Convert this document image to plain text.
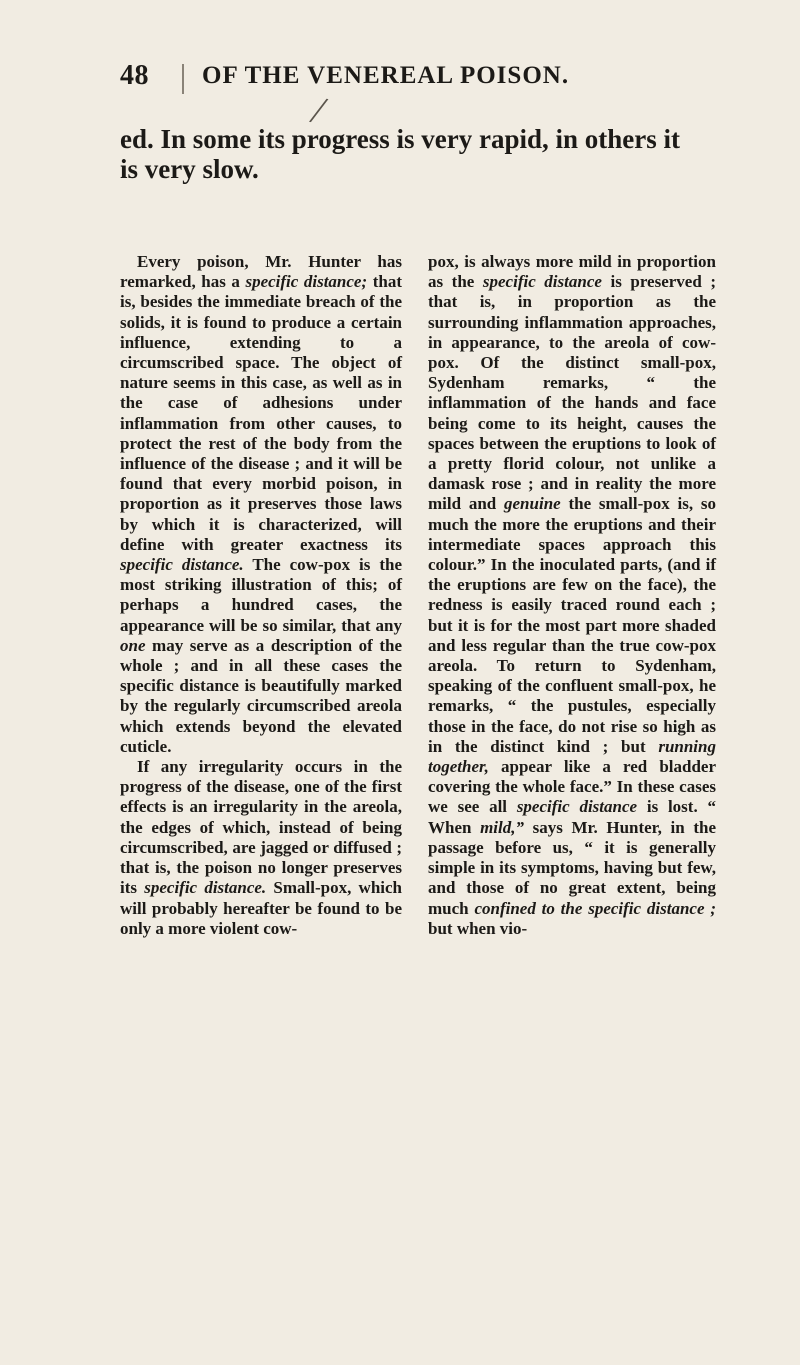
48 OF THE VENEREAL POISON.
╱
ed. In some its progress is very rapid, in others it is very slow.

Every poison, Mr. Hunter has remarked, has a specific distance; that is, besides the immediate breach of the solids, it is found to produce a certain influence, extending to a circumscribed space. The object of nature seems in this case, as well as in the case of adhesions under inflammation from other causes, to protect the rest of the body from the influence of the disease ; and it will be found that every morbid poison, in proportion as it preserves those laws by which it is characterized, will define with greater exactness its specific distance. The cow-pox is the most striking illustration of this; of perhaps a hundred cases, the appearance will be so similar, that any one may serve as a description of the whole ; and in all these cases the specific distance is beautifully marked by the regularly circumscribed areola which extends beyond the elevated cuticle.

If any irregularity occurs in the progress of the disease, one of the first effects is an irregularity in the areola, the edges of which, instead of being circumscribed, are jagged or diffused ; that is, the poison no longer preserves its specific distance. Small-pox, which will probably hereafter be found to be only a more violent cow-

pox, is always more mild in proportion as the specific distance is preserved ; that is, in proportion as the surrounding inflammation approaches, in appearance, to the areola of cow-pox. Of the distinct small-pox, Sydenham remarks, “ the inflammation of the hands and face being come to its height, causes the spaces between the eruptions to look of a pretty florid colour, not unlike a damask rose ; and in reality the more mild and genuine the small-pox is, so much the more the eruptions and their intermediate spaces approach this colour.” In the inoculated parts, (and if the eruptions are few on the face), the redness is easily traced round each ; but it is for the most part more shaded and less regular than the true cow-pox areola. To return to Sydenham, speaking of the confluent small-pox, he remarks, “ the pustules, especially those in the face, do not rise so high as in the distinct kind ; but running together, appear like a red bladder covering the whole face.” In these cases we see all specific distance is lost. “ When mild,” says Mr. Hunter, in the passage before us, “ it is generally simple in its symptoms, having but few, and those of no great extent, being much confined to the specific distance ; but when vio-
